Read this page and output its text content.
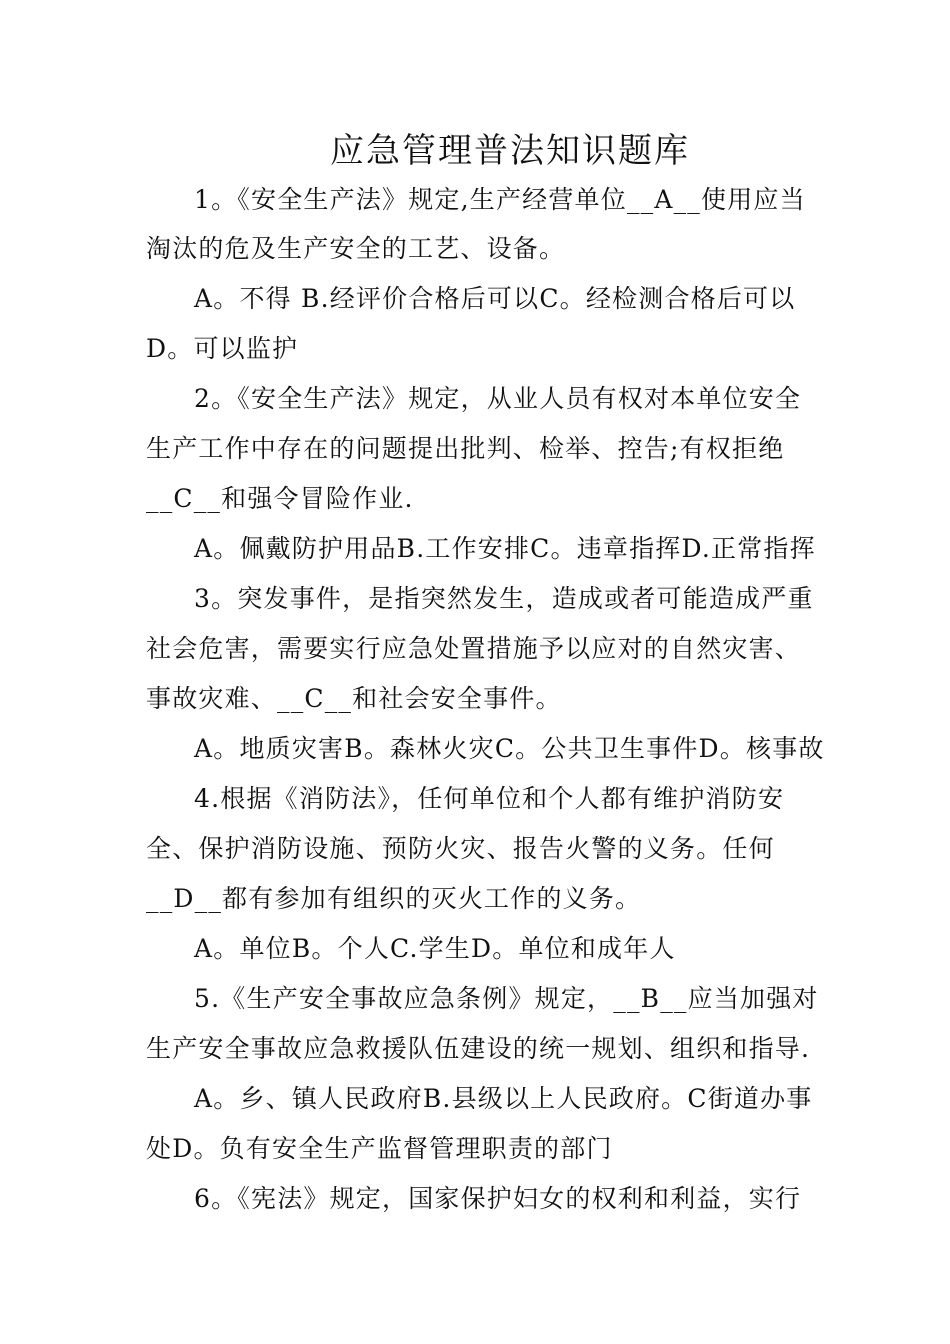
应急管理普法知识题库
1。《安全生产法》规定,生产经营单位__A__使用应当
淘汰的危及生产安全的工艺、设备。
A。不得 B.经评价合格后可以C。经检测合格后可以
D。可以监护
2。《安全生产法》规定，从业人员有权对本单位安全
生产工作中存在的问题提出批判、检举、控告;有权拒绝
__C__和强令冒险作业.
A。佩戴防护用品B.工作安排C。违章指挥D.正常指挥
3。突发事件，是指突然发生，造成或者可能造成严重
社会危害，需要实行应急处置措施予以应对的自然灾害、
事故灾难、__C__和社会安全事件。
A。地质灾害B。森林火灾C。公共卫生事件D。核事故
4.根据《消防法》，任何单位和个人都有维护消防安
全、保护消防设施、预防火灾、报告火警的义务。任何
__D__都有参加有组织的灭火工作的义务。
A。单位B。个人C.学生D。单位和成年人
5.《生产安全事故应急条例》规定，__B__应当加强对
生产安全事故应急救援队伍建设的统一规划、组织和指导.
A。乡、镇人民政府B.县级以上人民政府。C街道办事
处D。负有安全生产监督管理职责的部门
6。《宪法》规定，国家保护妇女的权利和利益，实行
